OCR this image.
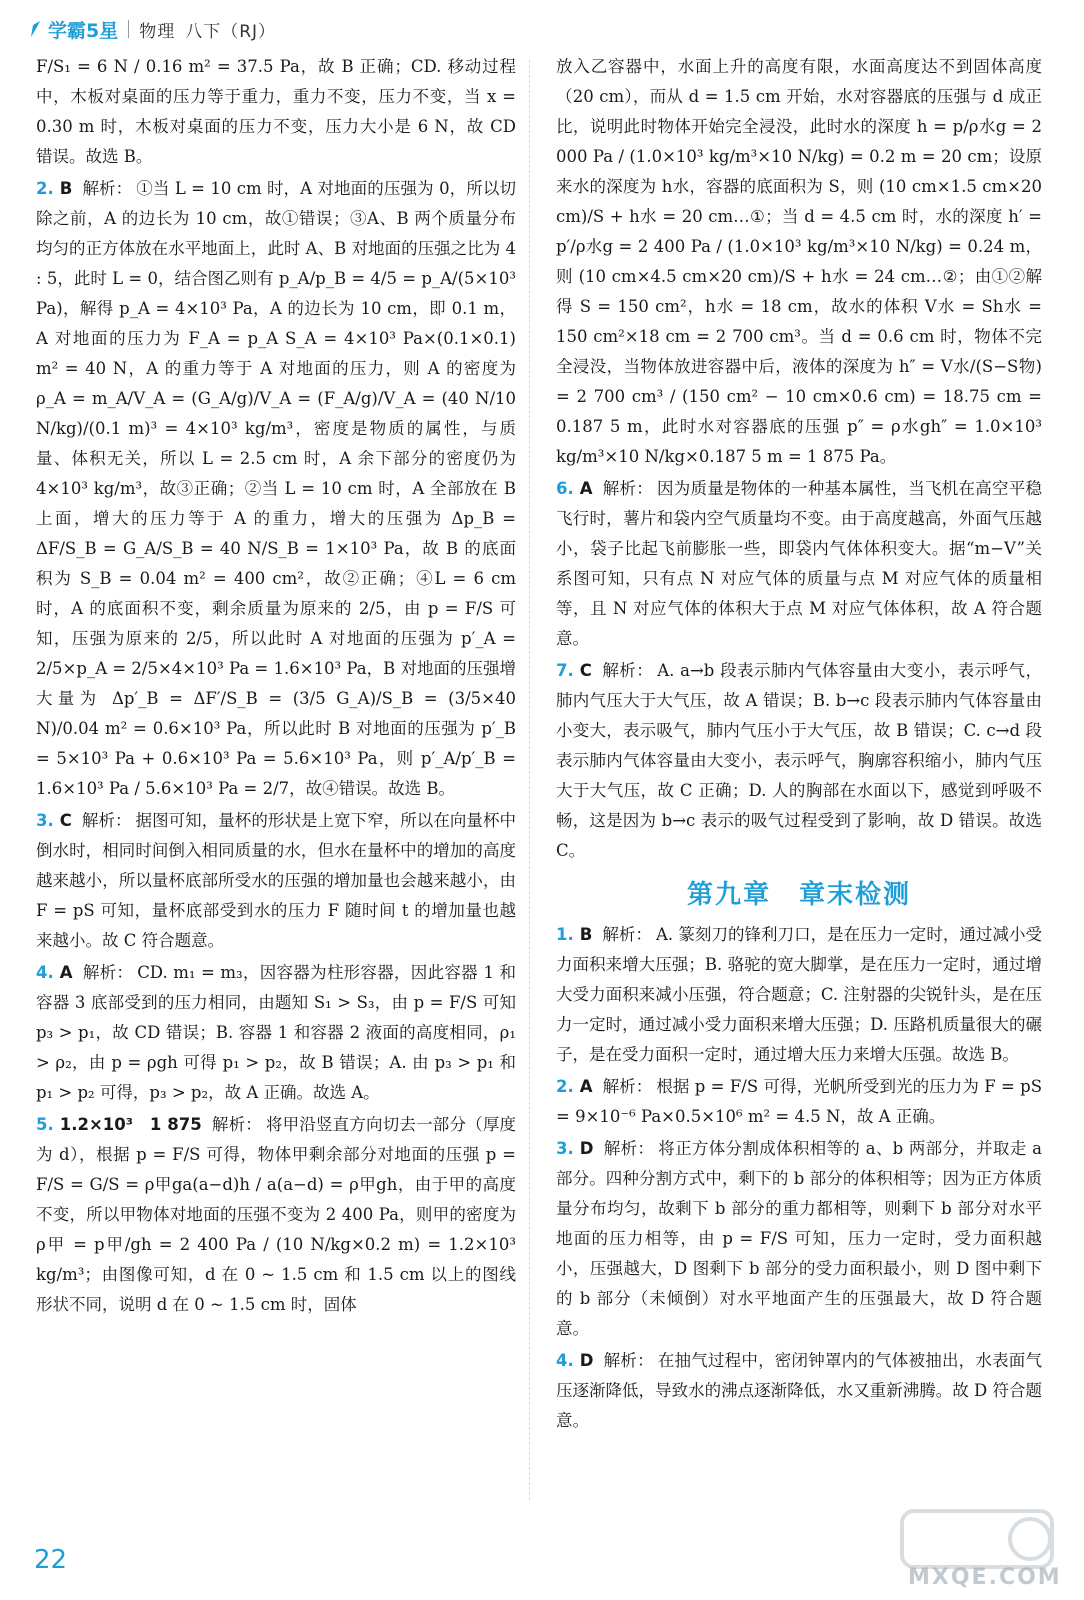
学霸5星 物理 八下（RJ）
F/S₁ = 6 N / 0.16 m² = 37.5 Pa，故 B 正确；CD. 移动过程中，木板对桌面的压力等于重力，重力不变，压力不变，当 x = 0.30 m 时，木板对桌面的压力不变，压力大小是 6 N，故 CD 错误。故选 B。
2. B 解析： ①当 L = 10 cm 时，A 对地面的压强为 0，所以切除之前，A 的边长为 10 cm，故①错误；③A、B 两个质量分布均匀的正方体放在水平地面上，此时 A、B 对地面的压强之比为 4 : 5，此时 L = 0，结合图乙则有 p_A/p_B = 4/5 = p_A/(5×10³ Pa)，解得 p_A = 4×10³ Pa，A 的边长为 10 cm，即 0.1 m，A 对地面的压力为 F_A = p_A S_A = 4×10³ Pa×(0.1×0.1) m² = 40 N，A 的重力等于 A 对地面的压力，则 A 的密度为 ρ_A = m_A/V_A = (G_A/g)/V_A = (F_A/g)/V_A = (40 N/10 N/kg)/(0.1 m)³ = 4×10³ kg/m³，密度是物质的属性，与质量、体积无关，所以 L = 2.5 cm 时，A 余下部分的密度仍为 4×10³ kg/m³，故③正确；②当 L = 10 cm 时，A 全部放在 B 上面，增大的压力等于 A 的重力，增大的压强为 Δp_B = ΔF/S_B = G_A/S_B = 40 N/S_B = 1×10³ Pa，故 B 的底面积为 S_B = 0.04 m² = 400 cm²，故②正确；④L = 6 cm 时，A 的底面积不变，剩余质量为原来的 2/5，由 p = F/S 可知，压强为原来的 2/5，所以此时 A 对地面的压强为 p′_A = 2/5×p_A = 2/5×4×10³ Pa = 1.6×10³ Pa，B 对地面的压强增大量为 Δp′_B = ΔF′/S_B = (3/5 G_A)/S_B = (3/5×40 N)/0.04 m² = 0.6×10³ Pa，所以此时 B 对地面的压强为 p′_B = 5×10³ Pa + 0.6×10³ Pa = 5.6×10³ Pa，则 p′_A/p′_B = 1.6×10³ Pa / 5.6×10³ Pa = 2/7，故④错误。故选 B。
3. C 解析： 据图可知，量杯的形状是上宽下窄，所以在向量杯中倒水时，相同时间倒入相同质量的水，但水在量杯中的增加的高度越来越小，所以量杯底部所受水的压强的增加量也会越来越小，由 F = pS 可知，量杯底部受到水的压力 F 随时间 t 的增加量也越来越小。故 C 符合题意。
4. A 解析： CD. m₁ = m₃，因容器为柱形容器，因此容器 1 和容器 3 底部受到的压力相同，由题知 S₁ > S₃，由 p = F/S 可知 p₃ > p₁，故 CD 错误；B. 容器 1 和容器 2 液面的高度相同，ρ₁ > ρ₂，由 p = ρgh 可得 p₁ > p₂，故 B 错误；A. 由 p₃ > p₁ 和 p₁ > p₂ 可得，p₃ > p₂，故 A 正确。故选 A。
5. 1.2×10³　1 875 解析： 将甲沿竖直方向切去一部分（厚度为 d），根据 p = F/S 可得，物体甲剩余部分对地面的压强 p = F/S = G/S = ρ甲ga(a−d)h / a(a−d) = ρ甲gh，由于甲的高度不变，所以甲物体对地面的压强不变为 2 400 Pa，则甲的密度为 ρ甲 = p甲/gh = 2 400 Pa / (10 N/kg×0.2 m) = 1.2×10³ kg/m³；由图像可知，d 在 0 ~ 1.5 cm 和 1.5 cm 以上的图线形状不同，说明 d 在 0 ~ 1.5 cm 时，固体
放入乙容器中，水面上升的高度有限，水面高度达不到固体高度（20 cm），而从 d = 1.5 cm 开始，水对容器底的压强与 d 成正比，说明此时物体开始完全浸没，此时水的深度 h = p/ρ水g = 2 000 Pa / (1.0×10³ kg/m³×10 N/kg) = 0.2 m = 20 cm；设原来水的深度为 h水，容器的底面积为 S，则 (10 cm×1.5 cm×20 cm)/S + h水 = 20 cm…①；当 d = 4.5 cm 时，水的深度 h′ = p′/ρ水g = 2 400 Pa / (1.0×10³ kg/m³×10 N/kg) = 0.24 m，则 (10 cm×4.5 cm×20 cm)/S + h水 = 24 cm…②；由①②解得 S = 150 cm²，h水 = 18 cm，故水的体积 V水 = Sh水 = 150 cm²×18 cm = 2 700 cm³。当 d = 0.6 cm 时，物体不完全浸没，当物体放进容器中后，液体的深度为 h″ = V水/(S−S物) = 2 700 cm³ / (150 cm² − 10 cm×0.6 cm) = 18.75 cm = 0.187 5 m，此时水对容器底的压强 p″ = ρ水gh″ = 1.0×10³ kg/m³×10 N/kg×0.187 5 m = 1 875 Pa。
6. A 解析： 因为质量是物体的一种基本属性，当飞机在高空平稳飞行时，薯片和袋内空气质量均不变。由于高度越高，外面气压越小，袋子比起飞前膨胀一些，即袋内气体体积变大。据“m−V”关系图可知，只有点 N 对应气体的质量与点 M 对应气体的质量相等，且 N 对应气体的体积大于点 M 对应气体体积，故 A 符合题意。
7. C 解析： A. a→b 段表示肺内气体容量由大变小，表示呼气，肺内气压大于大气压，故 A 错误；B. b→c 段表示肺内气体容量由小变大，表示吸气，肺内气压小于大气压，故 B 错误；C. c→d 段表示肺内气体容量由大变小，表示呼气，胸廓容积缩小，肺内气压大于大气压，故 C 正确；D. 人的胸部在水面以下，感觉到呼吸不畅，这是因为 b→c 表示的吸气过程受到了影响，故 D 错误。故选 C。
第九章　章末检测
1. B 解析： A. 篆刻刀的锋利刀口，是在压力一定时，通过减小受力面积来增大压强；B. 骆驼的宽大脚掌，是在压力一定时，通过增大受力面积来减小压强，符合题意；C. 注射器的尖锐针头，是在压力一定时，通过减小受力面积来增大压强；D. 压路机质量很大的碾子，是在受力面积一定时，通过增大压力来增大压强。故选 B。
2. A 解析： 根据 p = F/S 可得，光帆所受到光的压力为 F = pS = 9×10⁻⁶ Pa×0.5×10⁶ m² = 4.5 N，故 A 正确。
3. D 解析： 将正方体分割成体积相等的 a、b 两部分，并取走 a 部分。四种分割方式中，剩下的 b 部分的体积相等；因为正方体质量分布均匀，故剩下 b 部分的重力都相等，则剩下 b 部分对水平地面的压力相等，由 p = F/S 可知，压力一定时，受力面积越小，压强越大，D 图剩下 b 部分的受力面积最小，则 D 图中剩下的 b 部分（未倾倒）对水平地面产生的压强最大，故 D 符合题意。
4. D 解析： 在抽气过程中，密闭钟罩内的气体被抽出，水表面气压逐渐降低，导致水的沸点逐渐降低，水又重新沸腾。故 D 符合题意。
22
MXQE.COM
